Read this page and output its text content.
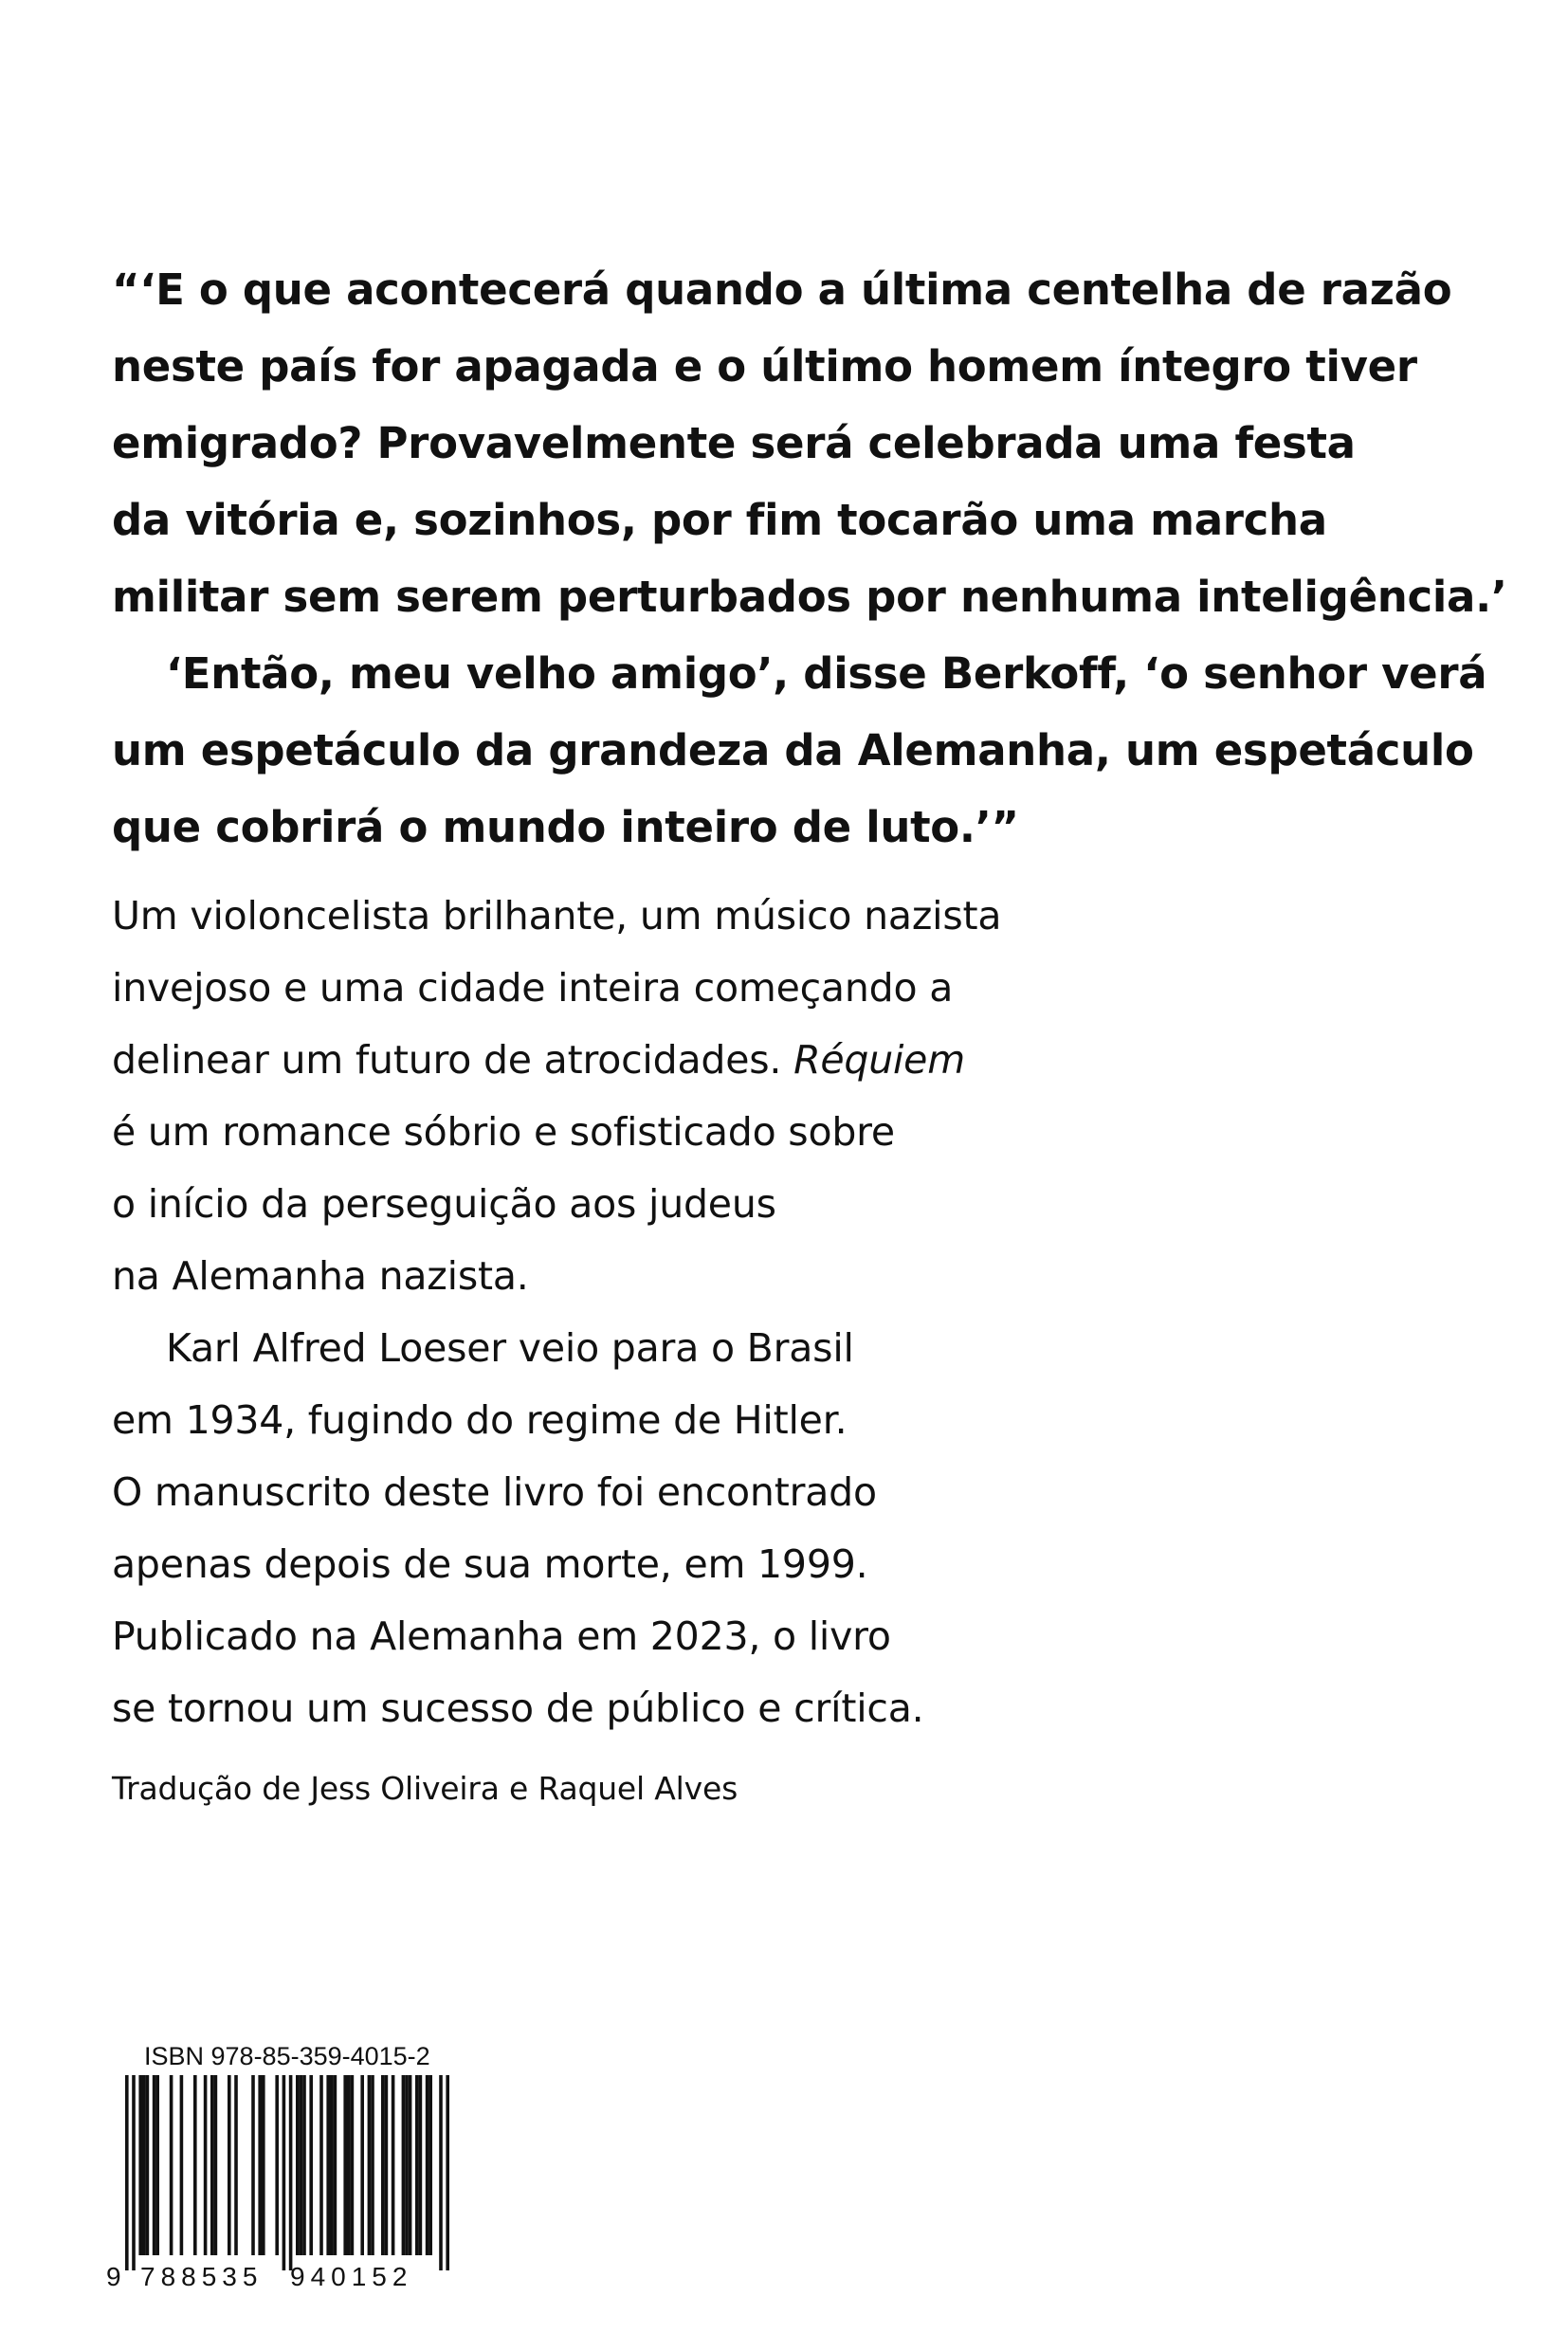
“‘E o que acontecerá quando a última centelha de razão
neste país for apagada e o último homem íntegro tiver
emigrado? Provavelmente será celebrada uma festa
da vitória e, sozinhos, por fim tocarão uma marcha
militar sem serem perturbados por nenhuma inteligência.’
‘Então, meu velho amigo’, disse Berkoff, ‘o senhor verá
um espetáculo da grandeza da Alemanha, um espetáculo
que cobrirá o mundo inteiro de luto.’”
Um violoncelista brilhante, um músico nazista
invejoso e uma cidade inteira começando a
delinear um futuro de atrocidades. Réquiem
é um romance sóbrio e sofisticado sobre
o início da perseguição aos judeus
na Alemanha nazista.
Karl Alfred Loeser veio para o Brasil
em 1934, fugindo do regime de Hitler.
O manuscrito deste livro foi encontrado
apenas depois de sua morte, em 1999.
Publicado na Alemanha em 2023, o livro
se tornou um sucesso de público e crítica.
Tradução de Jess Oliveira e Raquel Alves
ISBN 978-85-359-4015-2
9 788535 940152
